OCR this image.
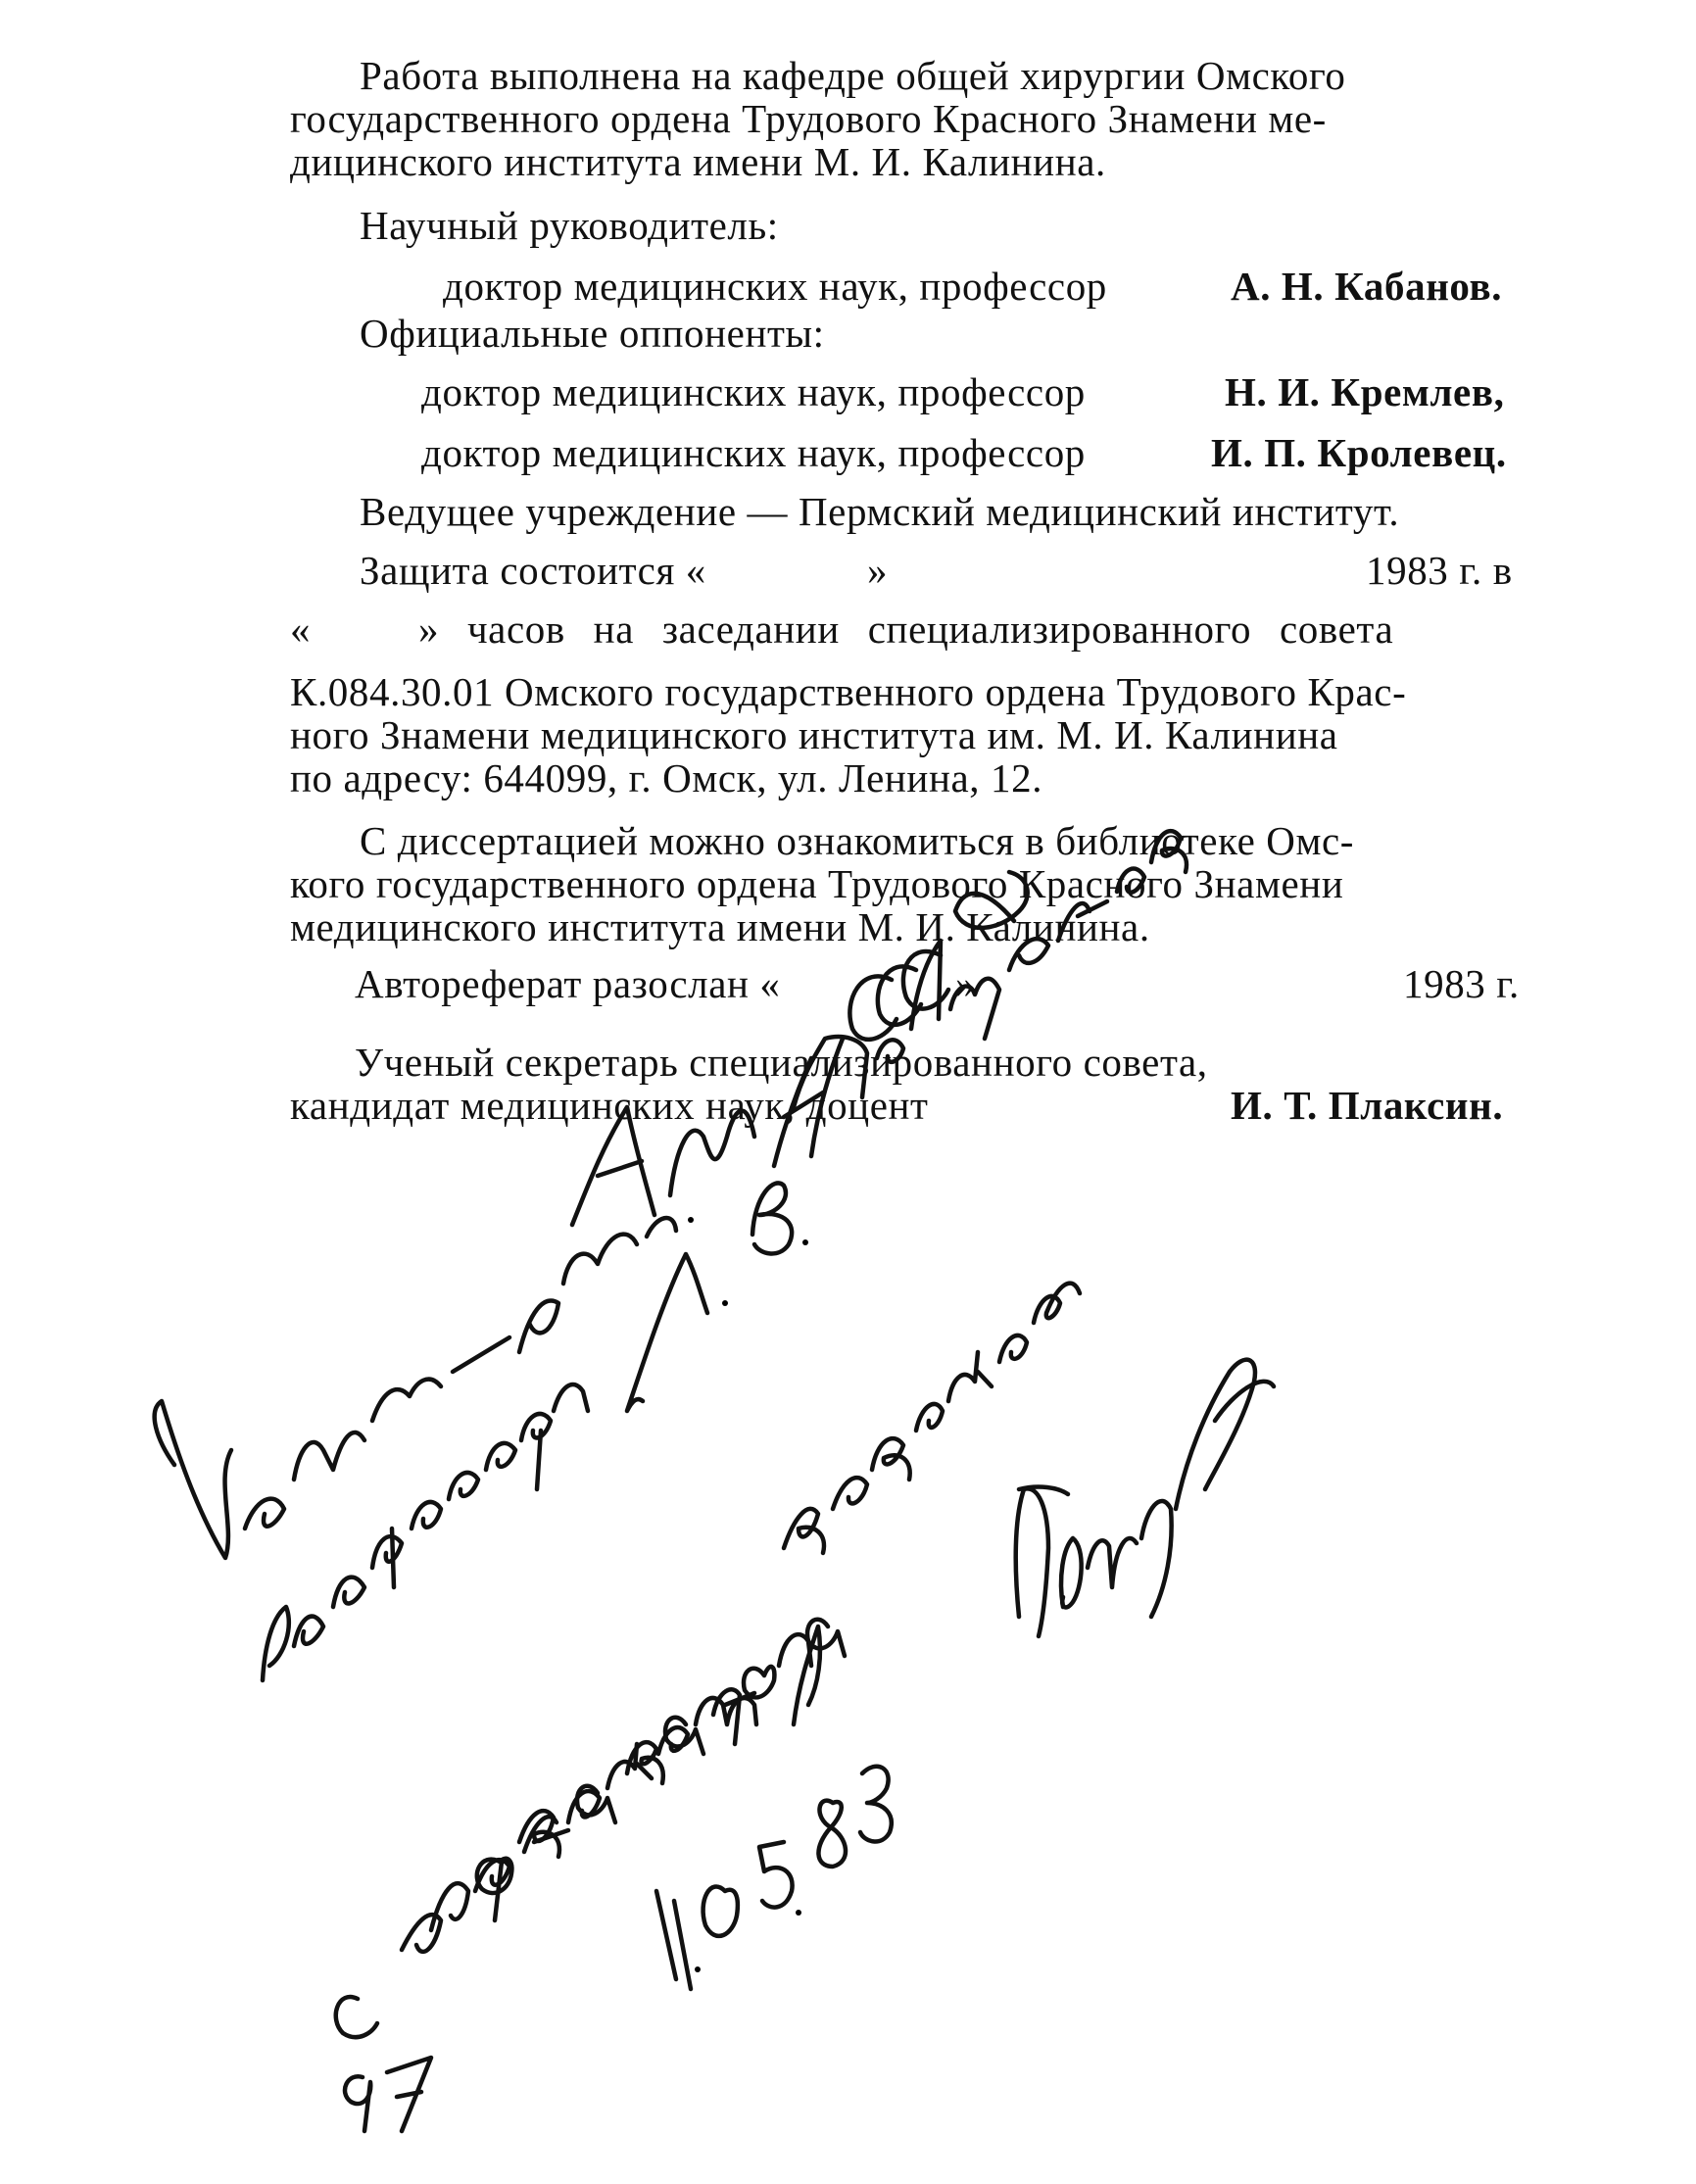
Работа выполнена на кафедре общей хирургии Омского
государственного ордена Трудового Красного Знамени ме-
дицинского института имени М. И. Калинина.
Научный руководитель:
доктор медицинских наук, профессор	А. Н. Кабанов.
Официальные оппоненты:
доктор медицинских наук, профессор	Н. И. Кремлев,
доктор медицинских наук, профессор	И. П. Кролевец.
Ведущее учреждение — Пермский медицинский институт.
Защита состоится «	»	1983 г. в
«	» часов на заседании специализированного совета
К.084.30.01 Омского государственного ордена Трудового Крас-
ного Знамени медицинского института им. М. И. Калинина
по адресу: 644099, г. Омск, ул. Ленина, 12.
С диссертацией можно ознакомиться в библиотеке Омс-
кого государственного ордена Трудового Красного Знамени
медицинского института имени М. И. Калинина.
Автореферат разослан «	»	1983 г.
Ученый секретарь специализированного совета,
кандидат медицинских наук, доцент	И. Т. Плаксин.
